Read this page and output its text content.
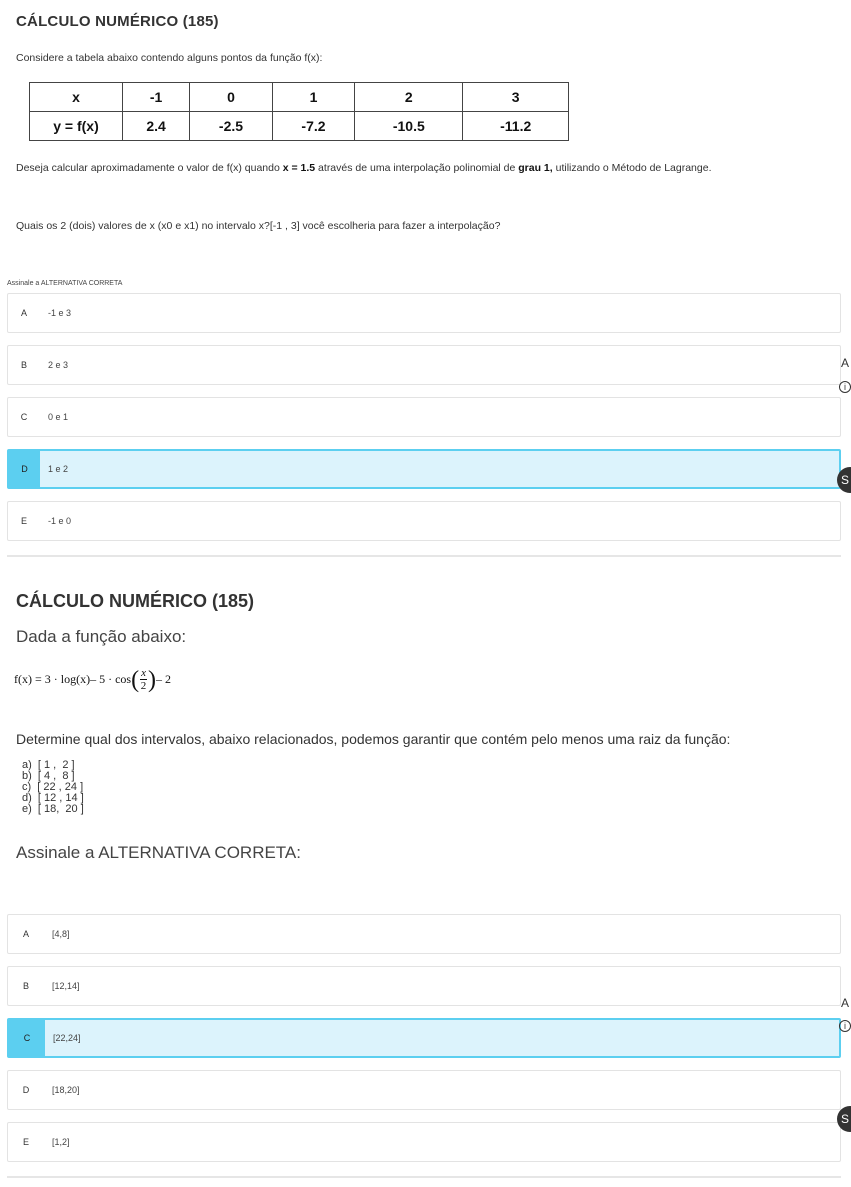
CÁLCULO NUMÉRICO (185)
Considere a tabela abaixo contendo alguns pontos da função f(x):
x	-1	0	1	2	3
y = f(x)	2.4	-2.5	-7.2	-10.5	-11.2
Deseja calcular aproximadamente o valor de f(x) quando x = 1.5 através de uma interpolação polinomial de grau 1, utilizando o Método de Lagrange.
Quais os 2 (dois) valores de x (x0 e x1) no intervalo x?[-1 , 3] você escolheria para fazer a interpolação?
Assinale a ALTERNATIVA CORRETA
A	-1 e 3
B	2 e 3
C	0 e 1
D	1 e 2
E	-1 e 0
CÁLCULO NUMÉRICO (185)
Dada a função abaixo:
f(x) = 3 · log (x) – 5 · cos ( $\frac{x}{2}$ ) – 2
Determine qual dos intervalos, abaixo relacionados, podemos garantir que contém pelo menos uma raiz da função:
a)  [ 1 ,  2 ]
b)  [ 4 ,  8 ]
c)  [ 22 , 24 ]
d)  [ 12 , 14 ]
e)  [ 18,  20 ]
Assinale a ALTERNATIVA CORRETA:
A	[4,8]
B	[12,14]
C	[22,24]
D	[18,20]
E	[1,2]
A
i
S
A
i
S
